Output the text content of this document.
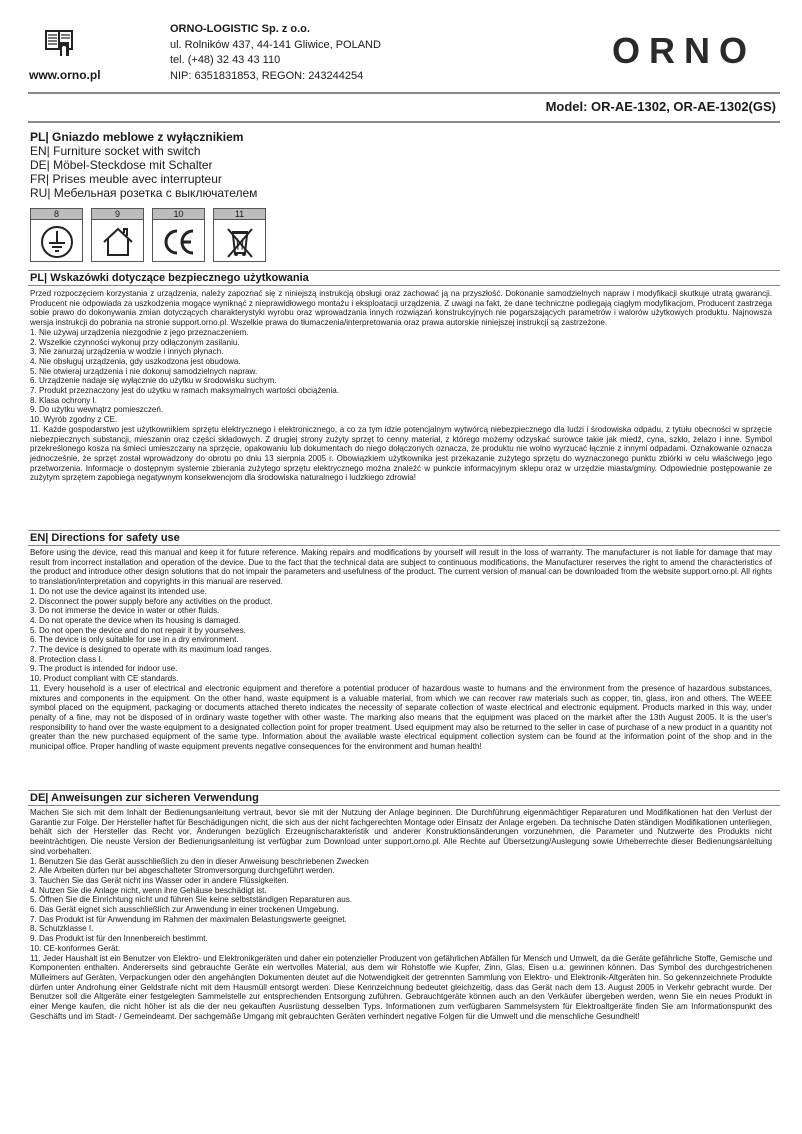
www.orno.pl
ORNO-LOGISTIC Sp. z o.o.
ul. Rolników 437, 44-141 Gliwice, POLAND
tel. (+48) 32 43 43 110
NIP: 6351831853, REGON: 243244254
ORNO
Model: OR-AE-1302, OR-AE-1302(GS)
PL| Gniazdo meblowe z wyłącznikiem
EN| Furniture socket with switch
DE| Möbel-Steckdose mit Schalter
FR| Prises meuble avec interrupteur
RU| Мебельная розетка с выключателем
8	9	10	11
PL| Wskazówki dotyczące bezpiecznego użytkowania

Przed rozpoczęciem korzystania z urządzenia, należy zapoznać się z niniejszą instrukcją obsługi oraz zachować ją na przyszłość. Dokonanie samodzielnych napraw i modyfikacji skutkuje utratą gwarancji. Producent nie odpowiada za uszkodzenia mogące wyniknąć z nieprawidłowego montażu i eksploatacji urządzenia. Z uwagi na fakt, że dane techniczne podlegają ciągłym modyfikacjom, Producent zastrzega sobie prawo do dokonywania zmian dotyczących charakterystyki wyrobu oraz wprowadzania innych rozwiązań konstrukcyjnych nie pogarszających parametrów i walorów użytkowych produktu. Najnowsza wersja instrukcji do pobrania na stronie support.orno.pl. Wszelkie prawa do tłumaczenia/interpretowania oraz prawa autorskie niniejszej instrukcji są zastrzeżone.

1. Nie używaj urządzenia niezgodnie z jego przeznaczeniem.
2. Wszelkie czynności wykonuj przy odłączonym zasilaniu.
3. Nie zanurzaj urządzenia w wodzie i innych płynach.
4. Nie obsługuj urządzenia, gdy uszkodzona jest obudowa.
5. Nie otwieraj urządzenia i nie dokonuj samodzielnych napraw.
6. Urządzenie nadaje się wyłącznie do użytku w środowisku suchym.
7. Produkt przeznaczony jest do użytku w ramach maksymalnych wartości obciążenia.
8. Klasa ochrony I.
9. Do użytku wewnątrz pomieszczeń.
10. Wyrób zgodny z CE.
11. Każde gospodarstwo jest użytkownikiem sprzętu elektrycznego i elektronicznego, a co za tym idzie potencjalnym wytwórcą niebezpiecznego dla ludzi i środowiska odpadu, z tytułu obecności w sprzęcie niebezpiecznych substancji, mieszanin oraz części składowych. Z drugiej strony zużyty sprzęt to cenny materiał, z którego możemy odzyskać surowce takie jak miedź, cyna, szkło, żelazo i inne. Symbol przekreślonego kosza na śmieci umieszczany na sprzęcie, opakowaniu lub dokumentach do niego dołączonych oznacza, że produktu nie wolno wyrzucać łącznie z innymi odpadami. Oznakowanie oznacza jednocześnie, że sprzęt został wprowadzony do obrotu po dniu 13 sierpnia 2005 r. Obowiązkiem użytkownika jest przekazanie zużytego sprzętu do wyznaczonego punktu zbiórki w celu właściwego jego przetworzenia. Informacje o dostępnym systemie zbierania zużytego sprzętu elektrycznego można znaleźć w punkcie informacyjnym sklepu oraz w urzędzie miasta/gminy. Odpowiednie postępowanie ze zużytym sprzętem zapobiega negatywnym konsekwencjom dla środowiska naturalnego i ludzkiego zdrowia!
EN| Directions for safety use

Before using the device, read this manual and keep it for future reference. Making repairs and modifications by yourself will result in the loss of warranty. The manufacturer is not liable for damage that may result from incorrect installation and operation of the device. Due to the fact that the technical data are subject to continuous modifications, the Manufacturer reserves the right to amend the characteristics of the product and introduce other design solutions that do not impair the parameters and usefulness of the product. The current version of manual can be downloaded from the website support.orno.pl. All rights to translation/interpretation and copyrights in this manual are reserved.

1. Do not use the device against its intended use.
2. Disconnect the power supply before any activities on the product.
3. Do not immerse the device in water or other fluids.
4. Do not operate the device when its housing is damaged.
5. Do not open the device and do not repair it by yourselves.
6. The device is only suitable for use in a dry environment.
7. The device is designed to operate with its maximum load ranges.
8. Protection class I.
9. The product is intended for indoor use.
10. Product compliant with CE standards.
11. Every household is a user of electrical and electronic equipment and therefore a potential producer of hazardous waste to humans and the environment from the presence of hazardous substances, mixtures and components in the equipment. On the other hand, waste equipment is a valuable material, from which we can recover raw materials such as copper, tin, glass, iron and others. The WEEE symbol placed on the equipment, packaging or documents attached thereto indicates the necessity of separate collection of waste electrical and electronic equipment. Products marked in this way, under penalty of a fine, may not be disposed of in ordinary waste together with other waste. The marking also means that the equipment was placed on the market after the 13th August 2005. It is the user's responsibility to hand over the waste equipment to a designated collection point for proper treatment. Used equipment may also be returned to the seller in case of purchase of a new product in a quantity not greater than the new purchased equipment of the same type. Information about the available waste electrical equipment collection system can be found at the information point of the shop and in the municipal office. Proper handling of waste equipment prevents negative consequences for the environment and human health!
DE| Anweisungen zur sicheren Verwendung

Machen Sie sich mit dem Inhalt der Bedienungsanleitung vertraut, bevor sie mit der Nutzung der Anlage beginnen. Die Durchführung eigenmächtiger Reparaturen und Modifikationen hat den Verlust der Garantie zur Folge. Der Hersteller haftet für Beschädigungen nicht, die sich aus der nicht fachgerechten Montage oder Einsatz der Anlage ergeben. Da technische Daten ständigen Modifikationen unterliegen, behält sich der Hersteller das Recht vor, Änderungen bezüglich Erzeugnischarakteristik und anderer Konstruktionsänderungen vorzunehmen, die Parameter und Nutzwerte des Produkts nicht beeinträchtigen. Die neuste Version der Bedienungsanleitung ist verfügbar zum Download unter support.orno.pl. Alle Rechte auf Übersetzung/Auslegung sowie Urheberrechte dieser Bedienungsanleitung sind vorbehalten.

1. Benutzen Sie das Gerät ausschließlich zu den in dieser Anweisung beschriebenen Zwecken
2. Alle Arbeiten dürfen nur bei abgeschalteter Stromversorgung durchgeführt werden.
3. Tauchen Sie das Gerät nicht ins Wasser oder in andere Flüssigkeiten.
4. Nutzen Sie die Anlage nicht, wenn ihre Gehäuse beschädigt ist.
5. Öffnen Sie die Einrichtung nicht und führen Sie keine selbstständigen Reparaturen aus.
6. Das Gerät eignet sich ausschließlich zur Anwendung in einer trockenen Umgebung.
7. Das Produkt ist für Anwendung im Rahmen der maximalen Belastungswerte geeignet.
8. Schutzklasse I.
9. Das Produkt ist für den Innenbereich bestimmt.
10. CE-konformes Gerät.
11. Jeder Haushalt ist ein Benutzer von Elektro- und Elektronikgeräten und daher ein potenzieller Produzent von gefährlichen Abfällen für Mensch und Umwelt, da die Geräte gefährliche Stoffe, Gemische und Komponenten enthalten. Andererseits sind gebrauchte Geräte ein wertvolles Material, aus dem wir Rohstoffe wie Kupfer, Zinn, Glas, Eisen u.a. gewinnen können. Das Symbol des durchgestrichenen Mülleimers auf Geräten, Verpackungen oder den angehängten Dokumenten deutet auf die Notwendigkeit der getrennten Sammlung von Elektro- und Elektronik-Altgeräten hin. So gekennzeichnete Produkte dürfen unter Androhung einer Geldstrafe nicht mit dem Hausmüll entsorgt werden. Diese Kennzeichnung bedeutet gleichzeitig, dass das Gerät nach dem 13. August 2005 in Verkehr gebracht wurde. Der Benutzer soll die Altgeräte einer festgelegten Sammelstelle zur entsprechenden Entsorgung zuführen. Gebrauchtgeräte können auch an den Verkäufer übergeben werden, wenn Sie ein neues Produkt in einer Menge kaufen, die nicht höher ist als die der neu gekauften Ausrüstung desselben Typs. Informationen zum verfügbaren Sammelsystem für Elektroaltgeräte finden Sie am Informationspunkt des Geschäfts und im Stadt- / Gemeindeamt. Der sachgemäße Umgang mit gebrauchten Geräten verhindert negative Folgen für die Umwelt und die menschliche Gesundheit!
